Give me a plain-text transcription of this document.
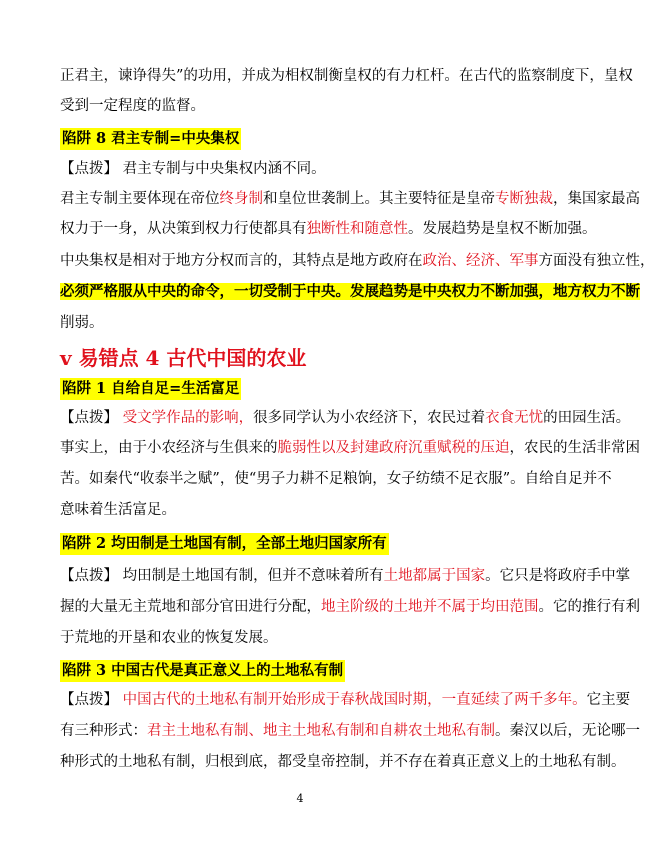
正君主，谏诤得失”的功用，并成为相权制衡皇权的有力杠杆。在古代的监察制度下，皇权
受到一定程度的监督。
陷阱 8 君主专制=中央集权
【点拨】 君主专制与中央集权内涵不同。
君主专制主要体现在帝位终身制和皇位世袭制上。其主要特征是皇帝专断独裁，集国家最高
权力于一身，从决策到权力行使都具有独断性和随意性。发展趋势是皇权不断加强。
中央集权是相对于地方分权而言的，其特点是地方政府在政治、经济、军事方面没有独立性，
必须严格服从中央的命令，一切受制于中央。发展趋势是中央权力不断加强，地方权力不断
削弱。
v 易错点 4 古代中国的农业
陷阱 1 自给自足=生活富足
【点拨】 受文学作品的影响，很多同学认为小农经济下，农民过着衣食无忧的田园生活。
事实上，由于小农经济与生俱来的脆弱性以及封建政府沉重赋税的压迫，农民的生活非常困
苦。如秦代“收泰半之赋”，使“男子力耕不足粮饷，女子纺绩不足衣服”。自给自足并不
意味着生活富足。
陷阱 2 均田制是土地国有制，全部土地归国家所有
【点拨】 均田制是土地国有制，但并不意味着所有土地都属于国家。它只是将政府手中掌
握的大量无主荒地和部分官田进行分配，地主阶级的土地并不属于均田范围。它的推行有利
于荒地的开垦和农业的恢复发展。
陷阱 3 中国古代是真正意义上的土地私有制
【点拨】 中国古代的土地私有制开始形成于春秋战国时期，一直延续了两千多年。它主要
有三种形式：君主土地私有制、地主土地私有制和自耕农土地私有制。秦汉以后，无论哪一
种形式的土地私有制，归根到底，都受皇帝控制，并不存在着真正意义上的土地私有制。
4
